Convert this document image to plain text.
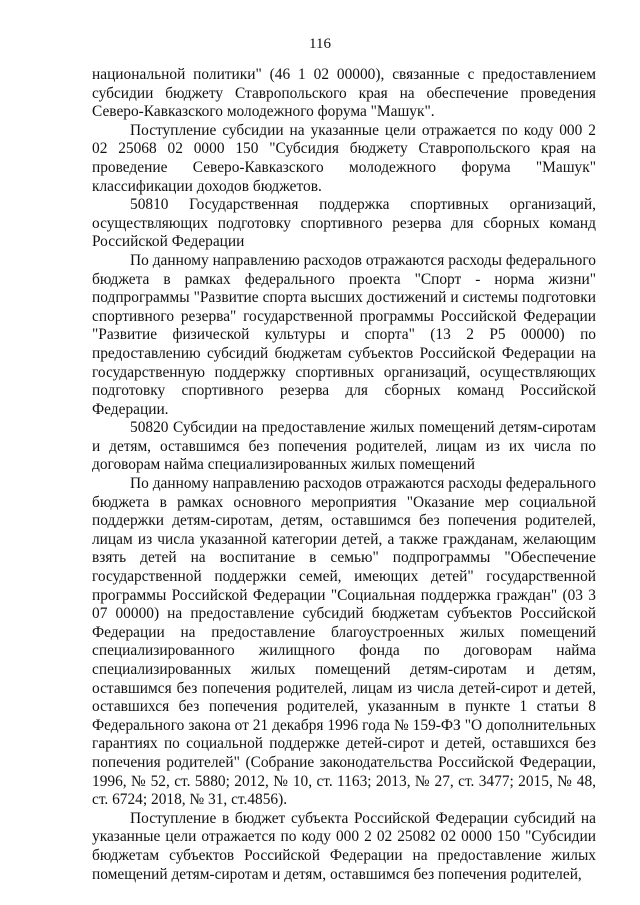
116

национальной политики" (46 1 02 00000), связанные с предоставлением субсидии бюджету Ставропольского края на обеспечение проведения Северо-Кавказского молодежного форума "Машук".

Поступление субсидии на указанные цели отражается по коду 000 2 02 25068 02 0000 150 "Субсидия бюджету Ставропольского края на проведение Северо-Кавказского молодежного форума "Машук" классификации доходов бюджетов.

50810 Государственная поддержка спортивных организаций, осуществляющих подготовку спортивного резерва для сборных команд Российской Федерации

По данному направлению расходов отражаются расходы федерального бюджета в рамках федерального проекта "Спорт - норма жизни" подпрограммы "Развитие спорта высших достижений и системы подготовки спортивного резерва" государственной программы Российской Федерации "Развитие физической культуры и спорта" (13 2 P5 00000) по предоставлению субсидий бюджетам субъектов Российской Федерации на государственную поддержку спортивных организаций, осуществляющих подготовку спортивного резерва для сборных команд Российской Федерации.

50820 Субсидии на предоставление жилых помещений детям-сиротам и детям, оставшимся без попечения родителей, лицам из их числа по договорам найма специализированных жилых помещений

По данному направлению расходов отражаются расходы федерального бюджета в рамках основного мероприятия "Оказание мер социальной поддержки детям-сиротам, детям, оставшимся без попечения родителей, лицам из числа указанной категории детей, а также гражданам, желающим взять детей на воспитание в семью" подпрограммы "Обеспечение государственной поддержки семей, имеющих детей" государственной программы Российской Федерации "Социальная поддержка граждан" (03 3 07 00000) на предоставление субсидий бюджетам субъектов Российской Федерации на предоставление благоустроенных жилых помещений специализированного жилищного фонда по договорам найма специализированных жилых помещений детям-сиротам и детям, оставшимся без попечения родителей, лицам из числа детей-сирот и детей, оставшихся без попечения родителей, указанным в пункте 1 статьи 8 Федерального закона от 21 декабря 1996 года № 159-ФЗ "О дополнительных гарантиях по социальной поддержке детей-сирот и детей, оставшихся без попечения родителей" (Собрание законодательства Российской Федерации, 1996, № 52, ст. 5880; 2012, № 10, ст. 1163; 2013, № 27, ст. 3477; 2015, № 48, ст. 6724; 2018, № 31, ст.4856).

Поступление в бюджет субъекта Российской Федерации субсидий на указанные цели отражается по коду 000 2 02 25082 02 0000 150 "Субсидии бюджетам субъектов Российской Федерации на предоставление жилых помещений детям-сиротам и детям, оставшимся без попечения родителей,
